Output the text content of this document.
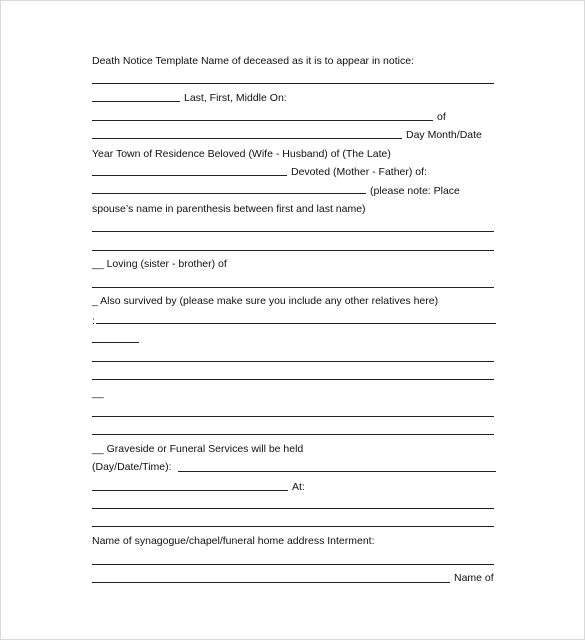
Death Notice Template Name of deceased as it is to appear in notice:
Last, First, Middle On:
of
Day Month/Date
Year Town of Residence Beloved (Wife - Husband) of (The Late)
Devoted (Mother - Father) of:
(please note: Place
spouse’s name in parenthesis between first and last name)
__ Loving (sister - brother) of
_ Also survived by (please make sure you include any other relatives here)
:
__
__ Graveside or Funeral Services will be held
(Day/Date/Time):
At:
Name of synagogue/chapel/funeral home address Interment:
Name of
